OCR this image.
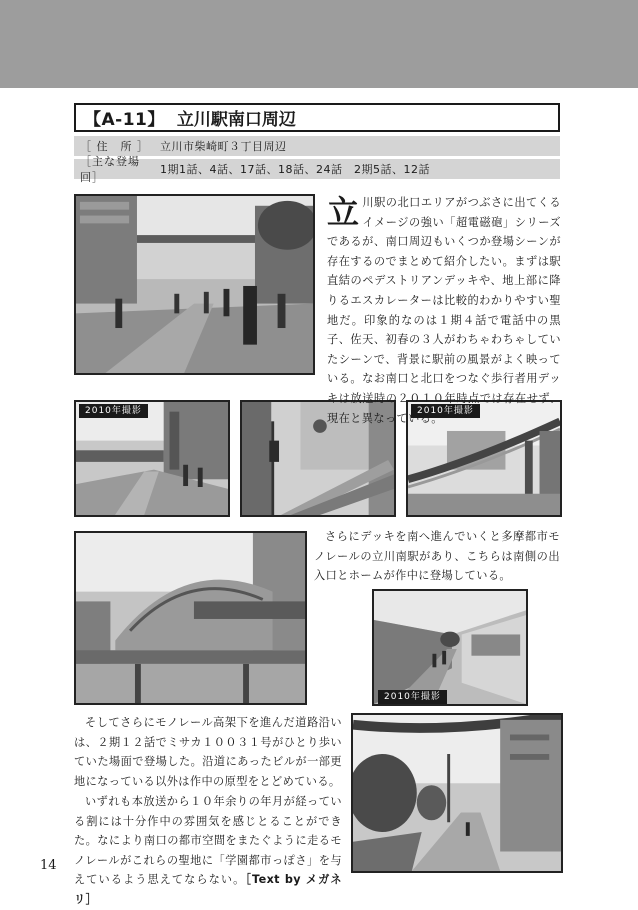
【A-11】 立川駅南口周辺
［ 住　所 ］	立川市柴崎町３丁目周辺
［主な登場回］
1期1話、4話、17話、18話、24話　2期5話、12話
2010年撮影	2010年撮影
2010年撮影

立川駅の北口エリアがつぶさに出てくるイメージの強い「超電磁砲」シリーズであるが、南口周辺もいくつか登場シーンが存在するのでまとめて紹介したい。まずは駅直結のペデストリアンデッキや、地上部に降りるエスカレーターは比較的わかりやすい聖地だ。印象的なのは１期４話で電話中の黒子、佐天、初春の３人がわちゃわちゃしていたシーンで、背景に駅前の風景がよく映っている。なお南口と北口をつなぐ歩行者用デッキは放送時の２０１０年時点では存在せず、現在と異なっている。

さらにデッキを南へ進んでいくと多摩都市モノレールの立川南駅があり、こちらは南側の出入口とホームが作中に登場している。

そしてさらにモノレール高架下を進んだ道路沿いは、２期１２話でミサカ１００３１号がひとり歩いていた場面で登場した。沿道にあったビルが一部更地になっている以外は作中の原型をとどめている。

いずれも本放送から１０年余りの年月が経っている割には十分作中の雰囲気を感じとることができた。なにより南口の都市空間をまたぐように走るモノレールがこれらの聖地に「学園都市っぽさ」を与えているよう思えてならない。［Text by メガネリ］

14
